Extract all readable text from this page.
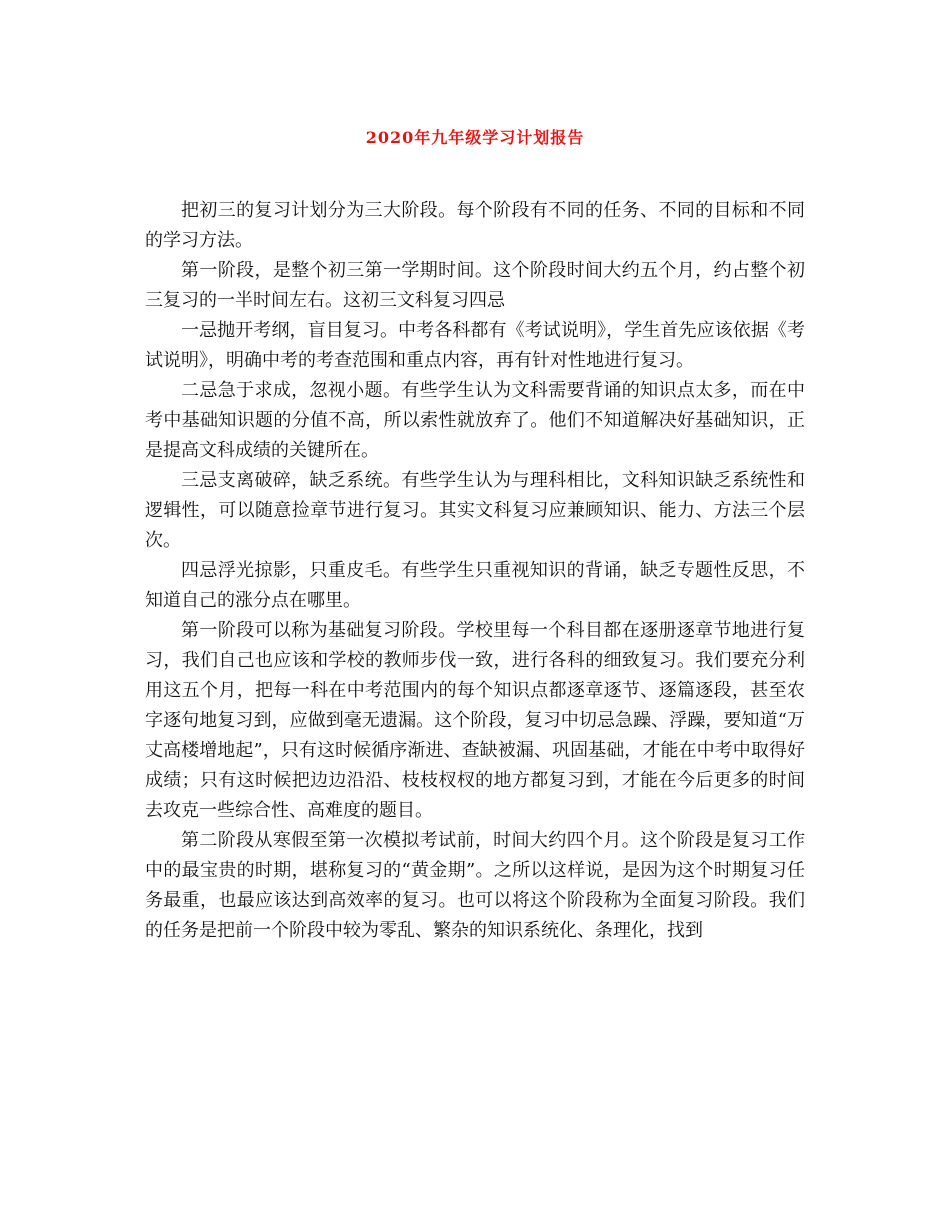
2020年九年级学习计划报告

把初三的复习计划分为三大阶段。每个阶段有不同的任务、不同的目标和不同的学习方法。

第一阶段，是整个初三第一学期时间。这个阶段时间大约五个月，约占整个初三复习的一半时间左右。这初三文科复习四忌

一忌抛开考纲，盲目复习。中考各科都有《考试说明》，学生首先应该依据《考试说明》，明确中考的考查范围和重点内容，再有针对性地进行复习。

二忌急于求成，忽视小题。有些学生认为文科需要背诵的知识点太多，而在中考中基础知识题的分值不高，所以索性就放弃了。他们不知道解决好基础知识，正是提高文科成绩的关键所在。

三忌支离破碎，缺乏系统。有些学生认为与理科相比，文科知识缺乏系统性和逻辑性，可以随意捡章节进行复习。其实文科复习应兼顾知识、能力、方法三个层次。

四忌浮光掠影，只重皮毛。有些学生只重视知识的背诵，缺乏专题性反思，不知道自己的涨分点在哪里。

第一阶段可以称为基础复习阶段。学校里每一个科目都在逐册逐章节地进行复习，我们自己也应该和学校的教师步伐一致，进行各科的细致复习。我们要充分利用这五个月，把每一科在中考范围内的每个知识点都逐章逐节、逐篇逐段，甚至农字逐句地复习到，应做到毫无遗漏。这个阶段，复习中切忌急躁、浮躁，要知道“万丈高楼增地起”，只有这时候循序渐进、查缺被漏、巩固基础，才能在中考中取得好成绩；只有这时候把边边沿沿、枝枝杈杈的地方都复习到，才能在今后更多的时间去攻克一些综合性、高难度的题目。

第二阶段从寒假至第一次模拟考试前，时间大约四个月。这个阶段是复习工作中的最宝贵的时期，堪称复习的“黄金期”。之所以这样说，是因为这个时期复习任务最重，也最应该达到高效率的复习。也可以将这个阶段称为全面复习阶段。我们的任务是把前一个阶段中较为零乱、繁杂的知识系统化、条理化，找到
